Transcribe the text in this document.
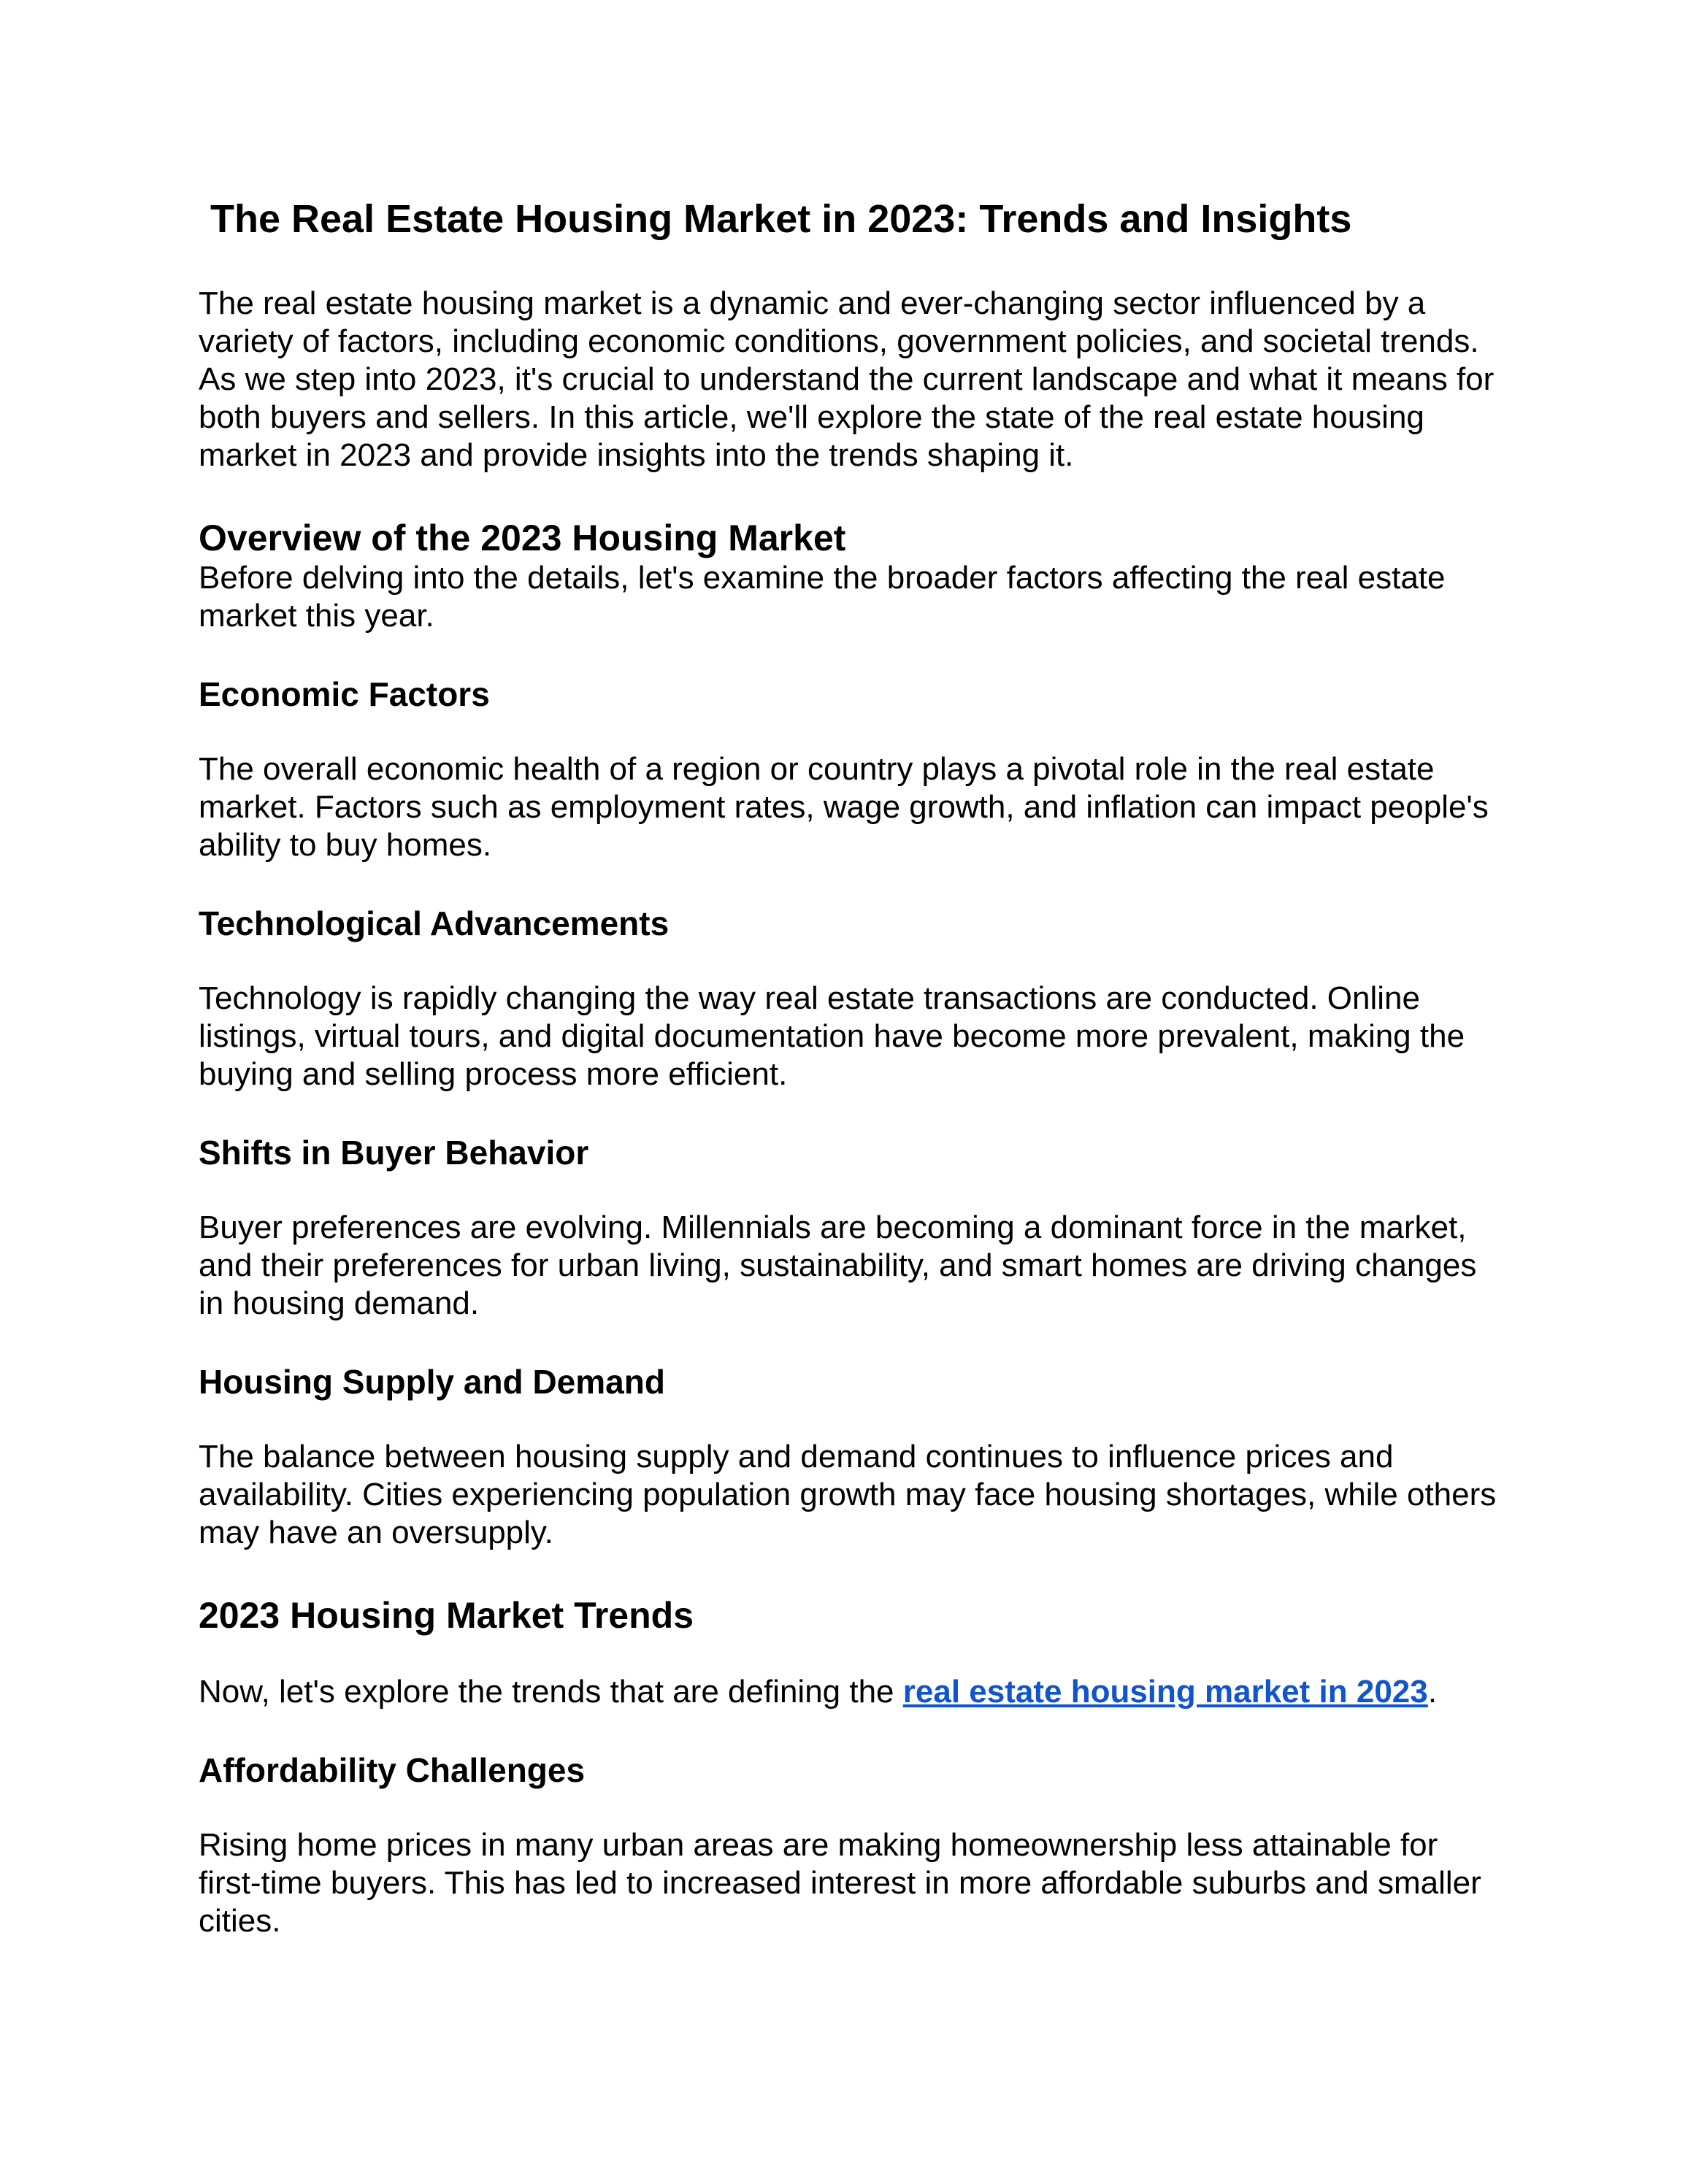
The Real Estate Housing Market in 2023: Trends and Insights

The real estate housing market is a dynamic and ever-changing sector influenced by a variety of factors, including economic conditions, government policies, and societal trends. As we step into 2023, it's crucial to understand the current landscape and what it means for both buyers and sellers. In this article, we'll explore the state of the real estate housing market in 2023 and provide insights into the trends shaping it.

Overview of the 2023 Housing Market

Before delving into the details, let's examine the broader factors affecting the real estate market this year.

Economic Factors

The overall economic health of a region or country plays a pivotal role in the real estate market. Factors such as employment rates, wage growth, and inflation can impact people's ability to buy homes.

Technological Advancements

Technology is rapidly changing the way real estate transactions are conducted. Online listings, virtual tours, and digital documentation have become more prevalent, making the buying and selling process more efficient.

Shifts in Buyer Behavior

Buyer preferences are evolving. Millennials are becoming a dominant force in the market, and their preferences for urban living, sustainability, and smart homes are driving changes in housing demand.

Housing Supply and Demand

The balance between housing supply and demand continues to influence prices and availability. Cities experiencing population growth may face housing shortages, while others may have an oversupply.

2023 Housing Market Trends

Now, let's explore the trends that are defining the real estate housing market in 2023.

Affordability Challenges

Rising home prices in many urban areas are making homeownership less attainable for first-time buyers. This has led to increased interest in more affordable suburbs and smaller cities.
